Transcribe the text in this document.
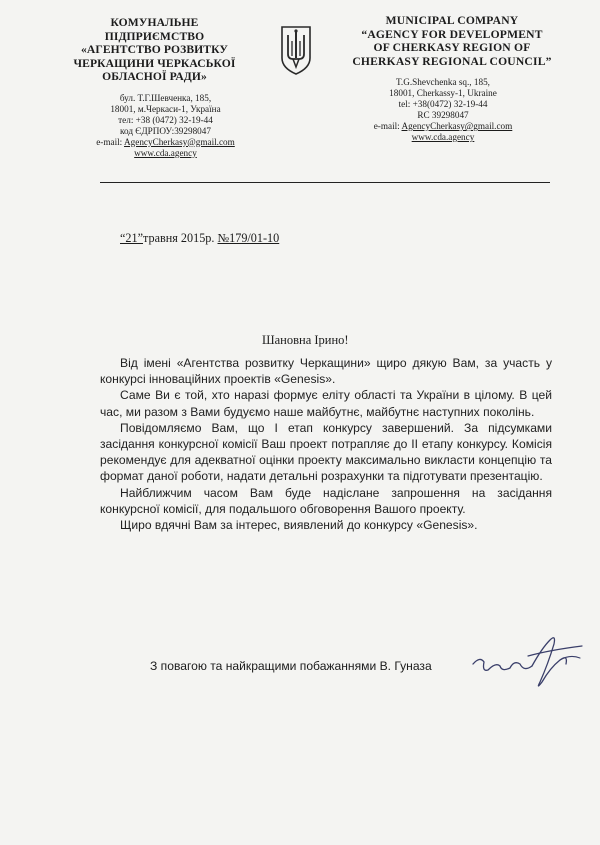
КОМУНАЛЬНЕ
ПІДПРИЄМСТВО
«АГЕНТСТВО РОЗВИТКУ
ЧЕРКАЩИНИ ЧЕРКАСЬКОЇ
ОБЛАСНОЇ РАДИ»
бул. Т.Г.Шевченка, 185,
18001, м.Черкаси-1, Україна
тел: +38 (0472) 32-19-44
код ЄДРПОУ:39298047
e-mail: AgencyCherkasy@gmail.com
www.cda.agency
MUNICIPAL COMPANY
“AGENCY FOR DEVELOPMENT
OF CHERKASY REGION OF
CHERKASY REGIONAL COUNCIL”
T.G.Shevchenka sq., 185,
18001, Cherkassy-1, Ukraine
tel: +38(0472) 32-19-44
RC 39298047
e-mail: AgencyCherkasy@gmail.com
www.cda.agency
“21”травня 2015р. №179/01-10
Шановна Ірино!

Від імені «Агентства розвитку Черкащини» щиро дякую Вам, за участь у конкурсі інноваційних проектів «Genesis».

Саме Ви є той, хто наразі формує еліту області та України в цілому. В цей час, ми разом з Вами будуємо наше майбутнє, майбутнє наступних поколінь.

Повідомляємо Вам, що І етап конкурсу завершений. За підсумками засідання конкурсної комісії Ваш проект потрапляє до ІІ етапу конкурсу. Комісія рекомендує для адекватної оцінки проекту максимально викласти концепцію та формат даної роботи, надати детальні розрахунки та підготувати презентацію.

Найближчим часом Вам буде надіслане запрошення на засідання конкурсної комісії, для подальшого обговорення Вашого проекту.

Щиро вдячні Вам за інтерес, виявлений до конкурсу «Genesis».

З повагою та найкращими побажаннями В. Гуназа
